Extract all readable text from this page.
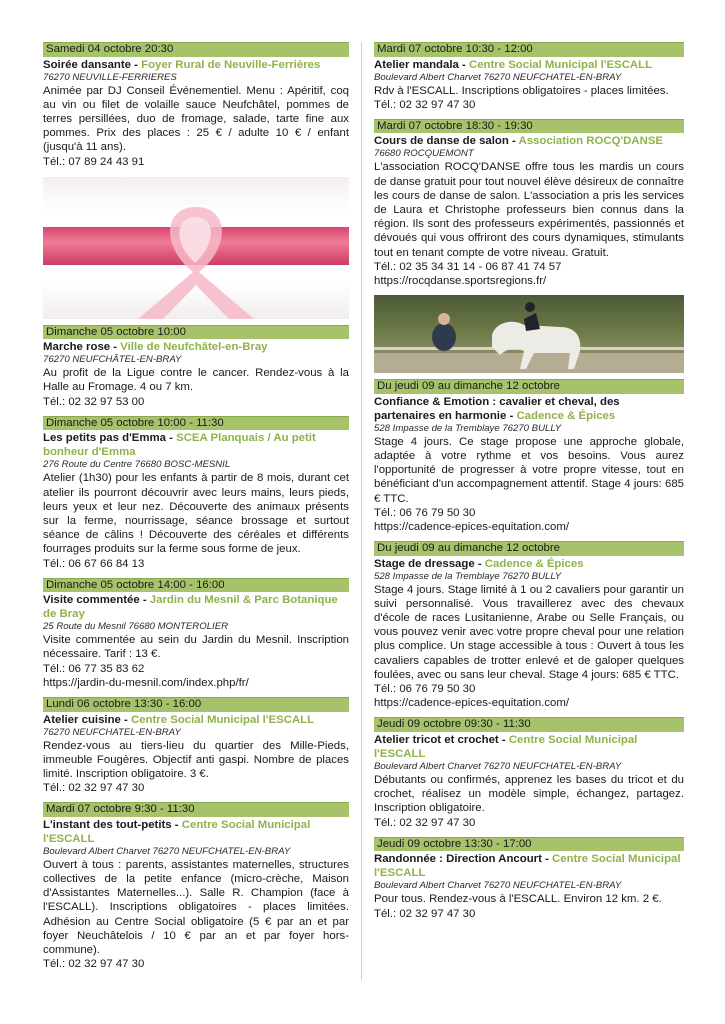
Samedi 04 octobre 20:30
Soirée dansante - Foyer Rural de Neuville-Ferrières
76270 NEUVILLE-FERRIERES
Animée par DJ Conseil Événementiel. Menu : Apéritif, coq au vin ou filet de volaille sauce Neufchâtel, pommes de terres persillées, duo de fromage, salade, tarte fine aux pommes. Prix des places : 25 € / adulte 10 € / enfant (jusqu'à 11 ans).
Tél.: 07 89 24 43 91
Dimanche 05 octobre 10:00
Marche rose - Ville de Neufchâtel-en-Bray
76270 NEUFCHÂTEL-EN-BRAY
Au profit de la Ligue contre le cancer. Rendez-vous à la Halle au Fromage. 4 ou 7 km.
Tél.: 02 32 97 53 00
Dimanche 05 octobre 10:00 - 11:30
Les petits pas d'Emma - SCEA Planquais / Au petit bonheur d'Emma
276 Route du Centre 76680 BOSC-MESNIL
Atelier (1h30) pour les enfants à partir de 8 mois, durant cet atelier ils pourront découvrir avec leurs mains, leurs pieds, leurs yeux et leur nez. Découverte des animaux présents sur la ferme, nourrissage, séance brossage et surtout séance de câlins ! Découverte des céréales et différents fourrages produits sur la ferme sous forme de jeux.
Tél.: 06 67 66 84 13
Dimanche 05 octobre 14:00 - 16:00
Visite commentée - Jardin du Mesnil & Parc Botanique de Bray
25 Route du Mesnil 76680 MONTEROLIER
Visite commentée au sein du Jardin du Mesnil. Inscription nécessaire. Tarif : 13 €.
Tél.: 06 77 35 83 62
https://jardin-du-mesnil.com/index.php/fr/
Lundi 06 octobre 13:30 - 16:00
Atelier cuisine - Centre Social Municipal l'ESCALL
76270 NEUFCHATEL-EN-BRAY
Rendez-vous au tiers-lieu du quartier des Mille-Pieds, immeuble Fougères. Objectif anti gaspi. Nombre de places limité. Inscription obligatoire. 3 €.
Tél.: 02 32 97 47 30
Mardi 07 octobre 9:30 - 11:30
L'instant des tout-petits - Centre Social Municipal l'ESCALL
Boulevard Albert Charvet 76270 NEUFCHATEL-EN-BRAY
Ouvert à tous : parents, assistantes maternelles, structures collectives de la petite enfance (micro-crèche, Maison d'Assistantes Maternelles...). Salle R. Champion (face à l'ESCALL). Inscriptions obligatoires - places limitées. Adhésion au Centre Social obligatoire (5 € par an et par foyer Neuchâtelois / 10 € par an et par foyer hors-commune).
Tél.: 02 32 97 47 30
Mardi 07 octobre 10:30 - 12:00
Atelier mandala - Centre Social Municipal l'ESCALL
Boulevard Albert Charvet 76270 NEUFCHATEL-EN-BRAY
Rdv à l'ESCALL. Inscriptions obligatoires - places limitées.
Tél.: 02 32 97 47 30
Mardi 07 octobre 18:30 - 19:30
Cours de danse de salon - Association ROCQ'DANSE
76680 ROCQUEMONT
L'association ROCQ'DANSE offre tous les mardis un cours de danse gratuit pour tout nouvel élève désireux de connaître les cours de danse de salon. L'association a pris les services de Laura et Christophe professeurs bien connus dans la région. Ils sont des professeurs expérimentés, passionnés et dévoués qui vous offriront des cours dynamiques, stimulants tout en tenant compte de votre niveau. Gratuit.
Tél.: 02 35 34 31 14 - 06 87 41 74 57
https://rocqdanse.sportsregions.fr/
Du jeudi 09 au dimanche 12 octobre
Confiance & Emotion : cavalier et cheval, des partenaires en harmonie - Cadence & Épices
528 Impasse de la Tremblaye 76270 BULLY
Stage 4 jours. Ce stage propose une approche globale, adaptée à votre rythme et vos besoins. Vous aurez l'opportunité de progresser à votre propre vitesse, tout en bénéficiant d'un accompagnement attentif. Stage 4 jours: 685 € TTC.
Tél.: 06 76 79 50 30
https://cadence-epices-equitation.com/
Du jeudi 09 au dimanche 12 octobre
Stage de dressage - Cadence & Épices
528 Impasse de la Tremblaye 76270 BULLY
Stage 4 jours. Stage limité à 1 ou 2 cavaliers pour garantir un suivi personnalisé. Vous travaillerez avec des chevaux d'école de races Lusitanienne, Arabe ou Selle Français, ou vous pouvez venir avec votre propre cheval pour une relation plus complice. Un stage accessible à tous : Ouvert à tous les cavaliers capables de trotter enlevé et de galoper quelques foulées, avec ou sans leur cheval. Stage 4 jours: 685 € TTC.
Tél.: 06 76 79 50 30
https://cadence-epices-equitation.com/
Jeudi 09 octobre 09:30 - 11:30
Atelier tricot et crochet - Centre Social Municipal l'ESCALL
Boulevard Albert Charvet 76270 NEUFCHATEL-EN-BRAY
Débutants ou confirmés, apprenez les bases du tricot et du crochet, réalisez un modèle simple, échangez, partagez. Inscription obligatoire.
Tél.: 02 32 97 47 30
Jeudi 09 octobre 13:30 - 17:00
Randonnée : Direction Ancourt - Centre Social Municipal l'ESCALL
Boulevard Albert Charvet 76270 NEUFCHATEL-EN-BRAY
Pour tous. Rendez-vous à l'ESCALL. Environ 12 km. 2 €.
Tél.: 02 32 97 47 30
